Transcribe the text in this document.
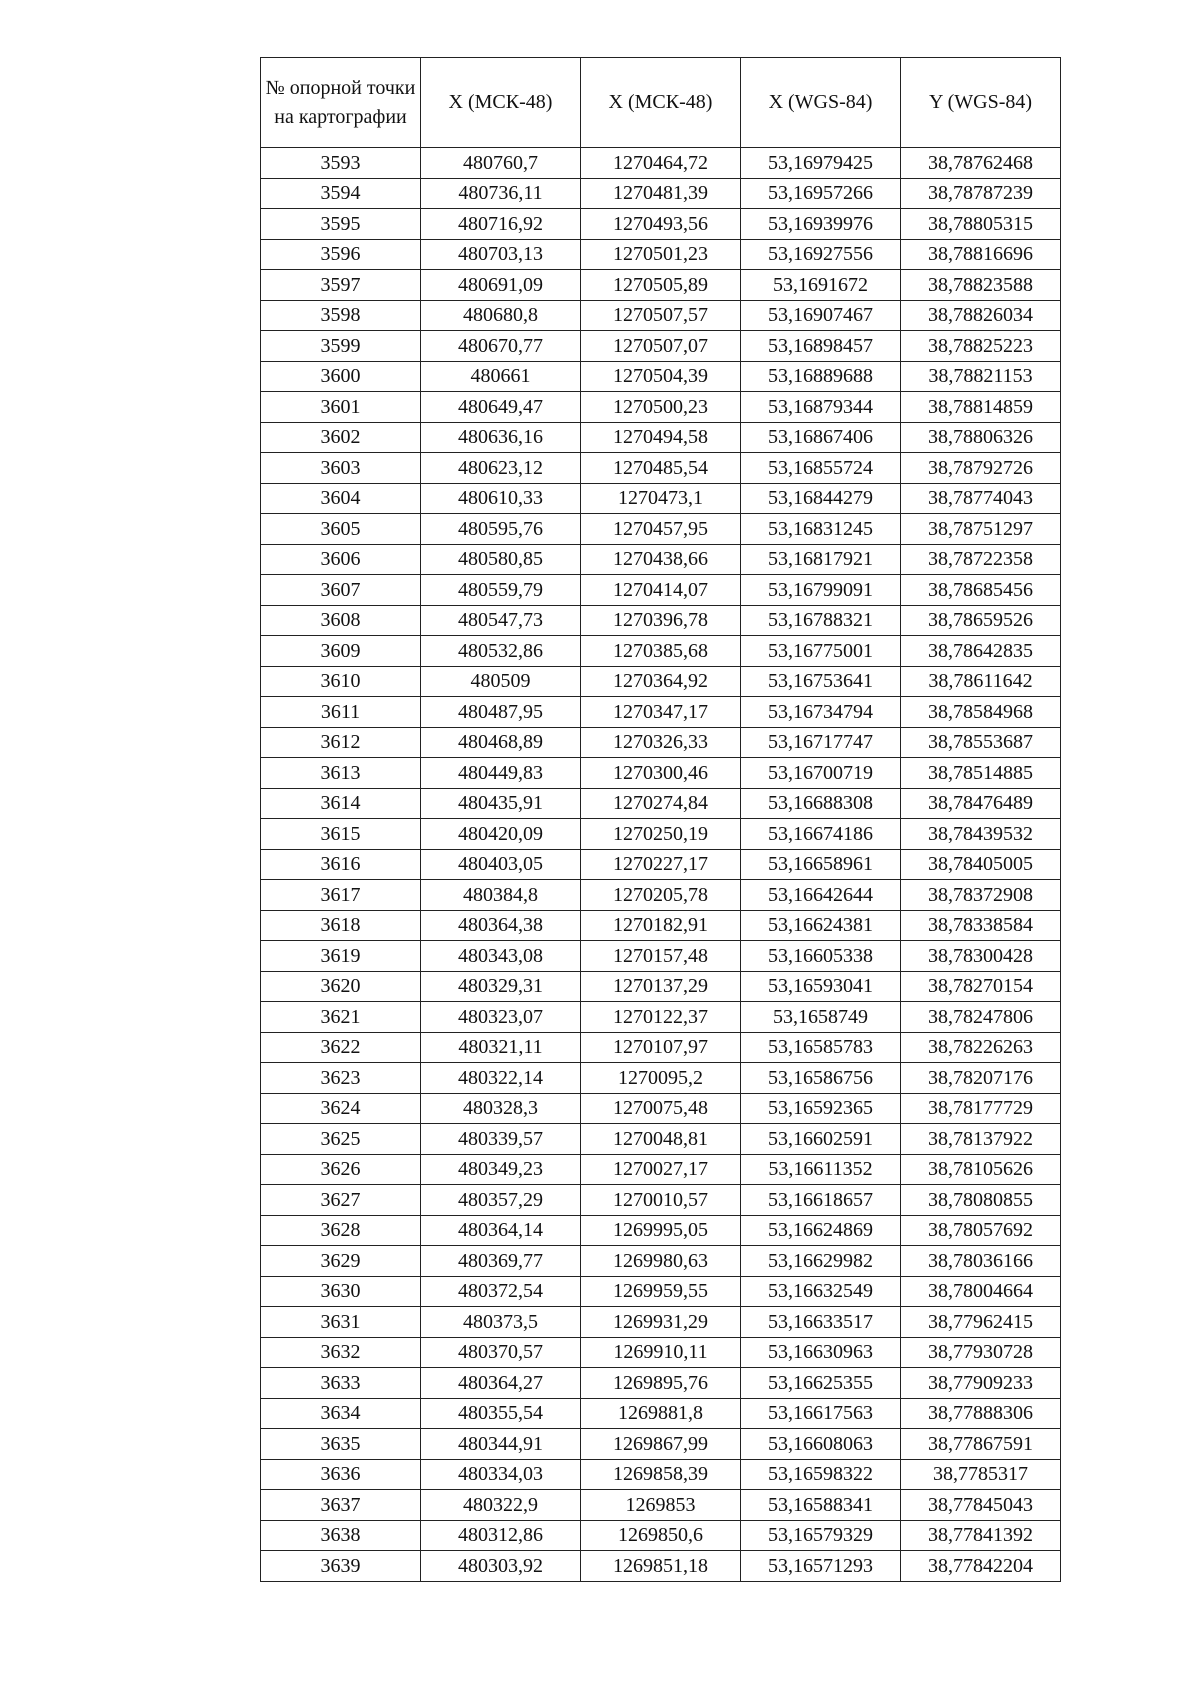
№ опорной точки на картографии	X (МСК-48)	X (МСК-48)	X (WGS-84)	Y (WGS-84)
3593	480760,7	1270464,72	53,16979425	38,78762468
3594	480736,11	1270481,39	53,16957266	38,78787239
3595	480716,92	1270493,56	53,16939976	38,78805315
3596	480703,13	1270501,23	53,16927556	38,78816696
3597	480691,09	1270505,89	53,1691672	38,78823588
3598	480680,8	1270507,57	53,16907467	38,78826034
3599	480670,77	1270507,07	53,16898457	38,78825223
3600	480661	1270504,39	53,16889688	38,78821153
3601	480649,47	1270500,23	53,16879344	38,78814859
3602	480636,16	1270494,58	53,16867406	38,78806326
3603	480623,12	1270485,54	53,16855724	38,78792726
3604	480610,33	1270473,1	53,16844279	38,78774043
3605	480595,76	1270457,95	53,16831245	38,78751297
3606	480580,85	1270438,66	53,16817921	38,78722358
3607	480559,79	1270414,07	53,16799091	38,78685456
3608	480547,73	1270396,78	53,16788321	38,78659526
3609	480532,86	1270385,68	53,16775001	38,78642835
3610	480509	1270364,92	53,16753641	38,78611642
3611	480487,95	1270347,17	53,16734794	38,78584968
3612	480468,89	1270326,33	53,16717747	38,78553687
3613	480449,83	1270300,46	53,16700719	38,78514885
3614	480435,91	1270274,84	53,16688308	38,78476489
3615	480420,09	1270250,19	53,16674186	38,78439532
3616	480403,05	1270227,17	53,16658961	38,78405005
3617	480384,8	1270205,78	53,16642644	38,78372908
3618	480364,38	1270182,91	53,16624381	38,78338584
3619	480343,08	1270157,48	53,16605338	38,78300428
3620	480329,31	1270137,29	53,16593041	38,78270154
3621	480323,07	1270122,37	53,1658749	38,78247806
3622	480321,11	1270107,97	53,16585783	38,78226263
3623	480322,14	1270095,2	53,16586756	38,78207176
3624	480328,3	1270075,48	53,16592365	38,78177729
3625	480339,57	1270048,81	53,16602591	38,78137922
3626	480349,23	1270027,17	53,16611352	38,78105626
3627	480357,29	1270010,57	53,16618657	38,78080855
3628	480364,14	1269995,05	53,16624869	38,78057692
3629	480369,77	1269980,63	53,16629982	38,78036166
3630	480372,54	1269959,55	53,16632549	38,78004664
3631	480373,5	1269931,29	53,16633517	38,77962415
3632	480370,57	1269910,11	53,16630963	38,77930728
3633	480364,27	1269895,76	53,16625355	38,77909233
3634	480355,54	1269881,8	53,16617563	38,77888306
3635	480344,91	1269867,99	53,16608063	38,77867591
3636	480334,03	1269858,39	53,16598322	38,7785317
3637	480322,9	1269853	53,16588341	38,77845043
3638	480312,86	1269850,6	53,16579329	38,77841392
3639	480303,92	1269851,18	53,16571293	38,77842204
